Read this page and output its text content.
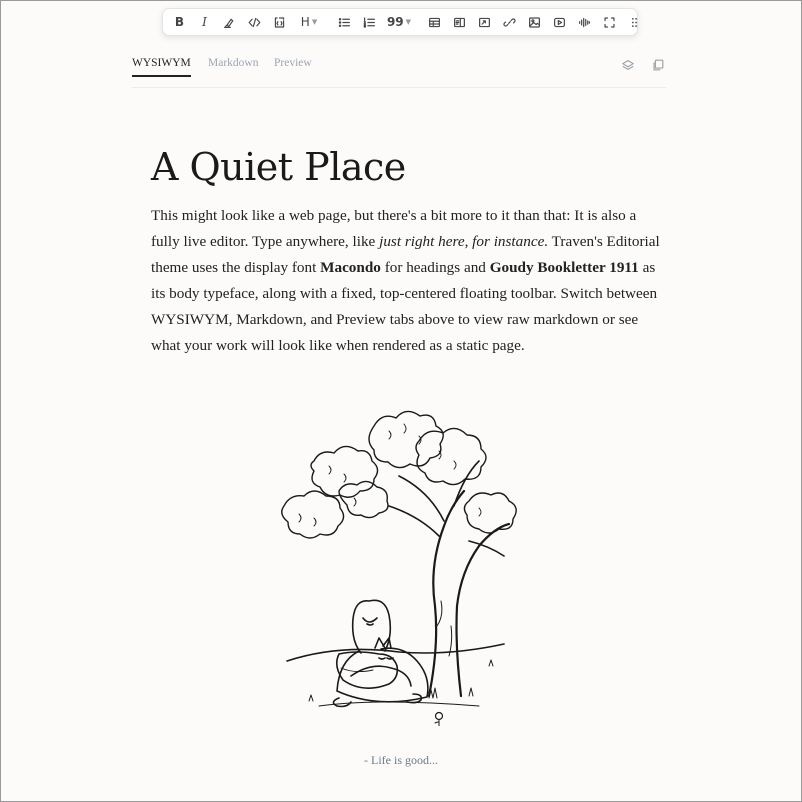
B I	H ▼	99 ▼
WYSIWYM Markdown Preview
A Quiet Place
This might look like a web page, but there's a bit more to it than that: It is also a fully live editor. Type anywhere, like just right here, for instance. Traven's Editorial theme uses the display font Macondo for headings and Goudy Bookletter 1911 as its body typeface, along with a fixed, top-centered floating toolbar. Switch between WYSIWYM, Markdown, and Preview tabs above to view raw markdown or see what your work will look like when rendered as a static page.
- Life is good...
